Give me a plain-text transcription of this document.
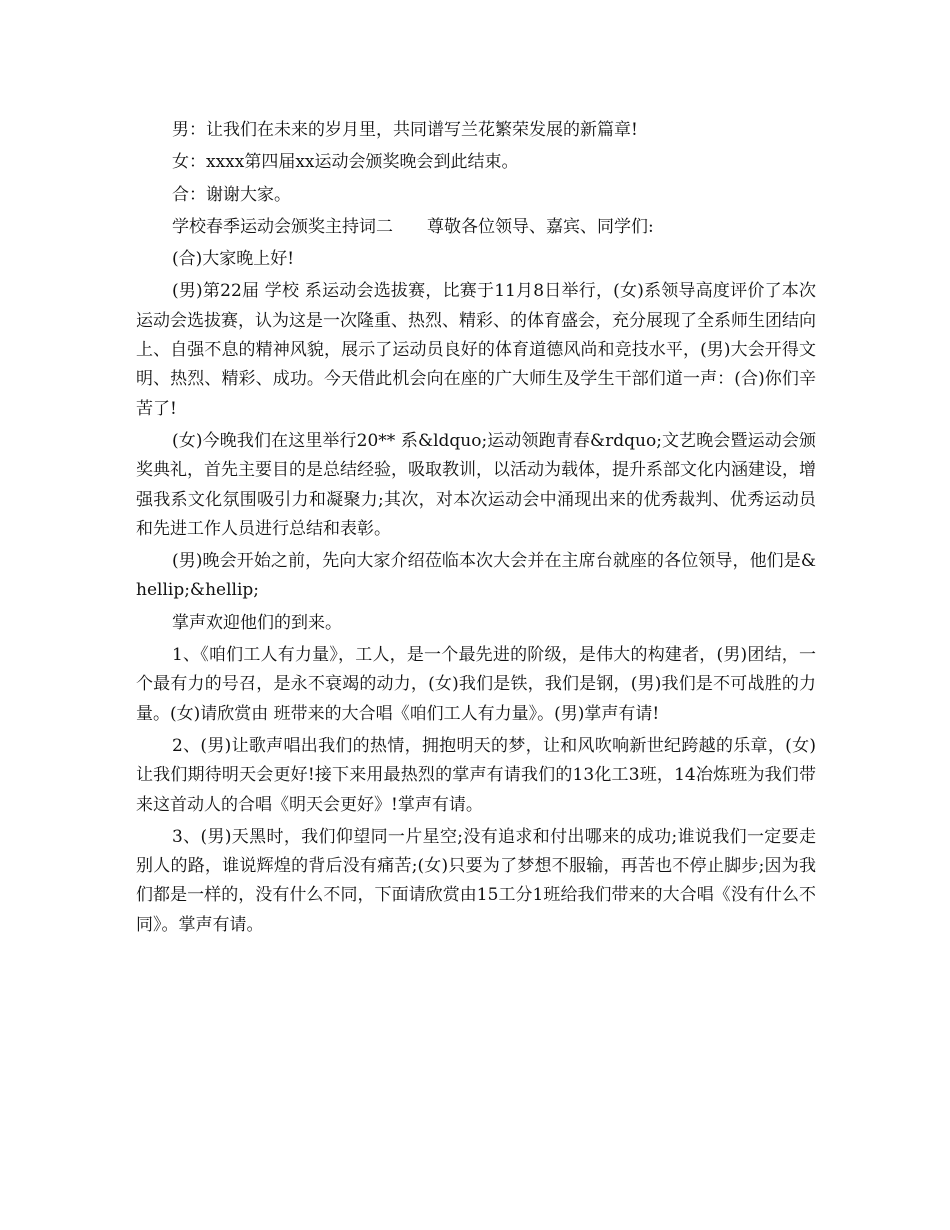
男：让我们在未来的岁月里，共同谱写兰花繁荣发展的新篇章!

女：xxxx第四届xx运动会颁奖晚会到此结束。

合：谢谢大家。

学校春季运动会颁奖主持词二　　尊敬各位领导、嘉宾、同学们:

(合)大家晚上好!

(男)第22届 学校 系运动会选拔赛，比赛于11月8日举行，(女)系领导高度评价了本次运动会选拔赛，认为这是一次隆重、热烈、精彩、的体育盛会，充分展现了全系师生团结向上、自强不息的精神风貌，展示了运动员良好的体育道德风尚和竞技水平，(男)大会开得文明、热烈、精彩、成功。今天借此机会向在座的广大师生及学生干部们道一声：(合)你们辛苦了!

(女)今晚我们在这里举行20** 系&ldquo;运动领跑青春&rdquo;文艺晚会暨运动会颁奖典礼，首先主要目的是总结经验，吸取教训，以活动为载体，提升系部文化内涵建设，增强我系文化氛围吸引力和凝聚力;其次，对本次运动会中涌现出来的优秀裁判、优秀运动员和先进工作人员进行总结和表彰。

(男)晚会开始之前，先向大家介绍莅临本次大会并在主席台就座的各位领导，他们是&hellip;&hellip;

掌声欢迎他们的到来。

1、《咱们工人有力量》，工人，是一个最先进的阶级，是伟大的构建者，(男)团结，一个最有力的号召，是永不衰竭的动力，(女)我们是铁，我们是钢，(男)我们是不可战胜的力量。(女)请欣赏由 班带来的大合唱《咱们工人有力量》。(男)掌声有请!

2、(男)让歌声唱出我们的热情，拥抱明天的梦，让和风吹响新世纪跨越的乐章，(女)让我们期待明天会更好!接下来用最热烈的掌声有请我们的13化工3班，14冶炼班为我们带来这首动人的合唱《明天会更好》!掌声有请。

3、(男)天黑时，我们仰望同一片星空;没有追求和付出哪来的成功;谁说我们一定要走别人的路，谁说辉煌的背后没有痛苦;(女)只要为了梦想不服输，再苦也不停止脚步;因为我们都是一样的，没有什么不同，下面请欣赏由15工分1班给我们带来的大合唱《没有什么不同》。掌声有请。
